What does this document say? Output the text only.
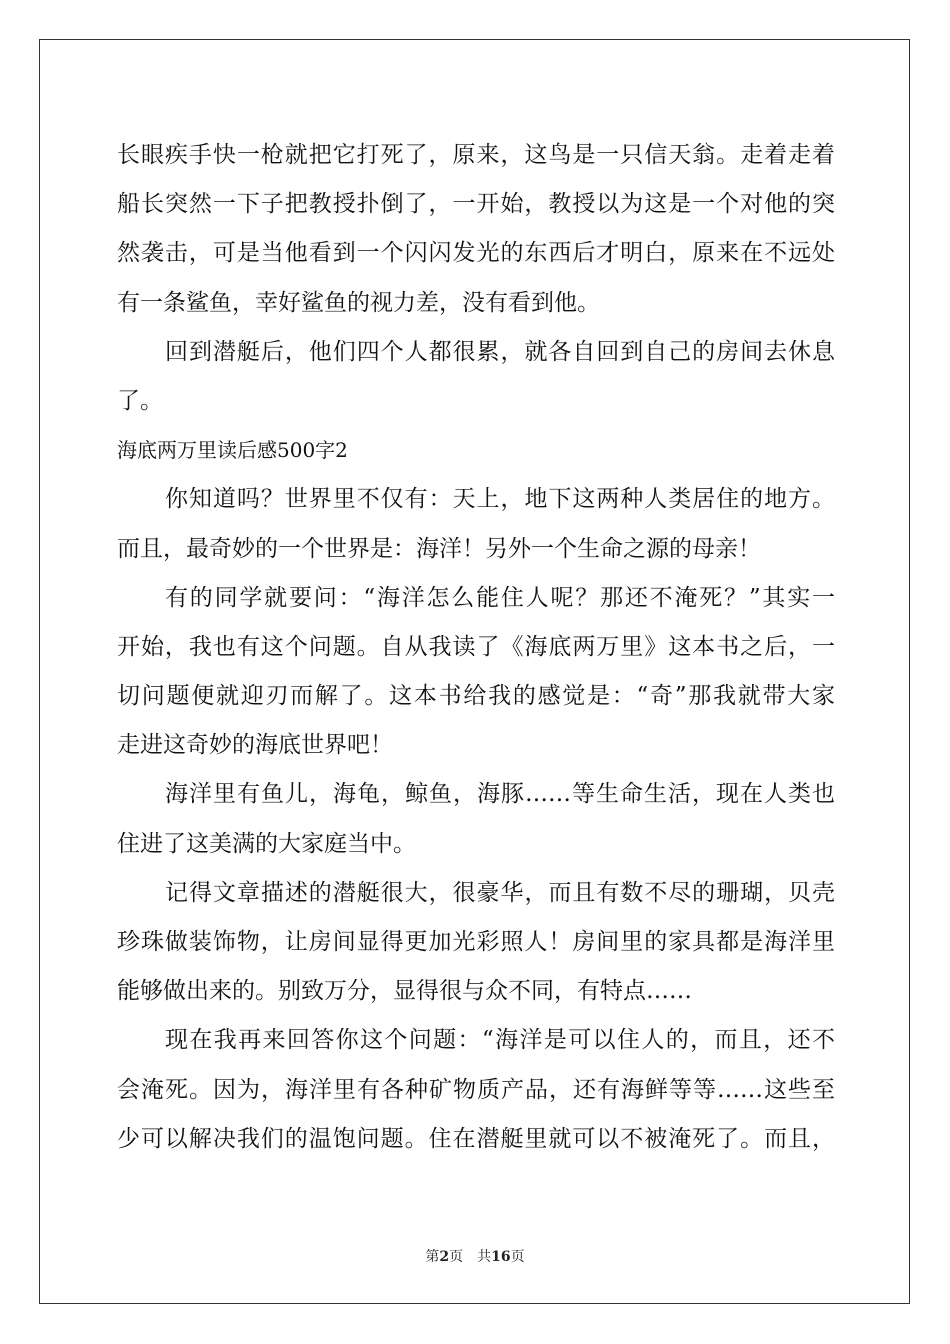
长眼疾手快一枪就把它打死了，原来，这鸟是一只信天翁。走着走着
船长突然一下子把教授扑倒了，一开始，教授以为这是一个对他的突
然袭击，可是当他看到一个闪闪发光的东西后才明白，原来在不远处
有一条鲨鱼，幸好鲨鱼的视力差，没有看到他。
回到潜艇后，他们四个人都很累，就各自回到自己的房间去休息
了。
海底两万里读后感500字2
你知道吗？世界里不仅有：天上，地下这两种人类居住的地方。
而且，最奇妙的一个世界是：海洋！另外一个生命之源的母亲！
有的同学就要问：“海洋怎么能住人呢？那还不淹死？”其实一
开始，我也有这个问题。自从我读了《海底两万里》这本书之后，一
切问题便就迎刃而解了。这本书给我的感觉是：“奇”那我就带大家
走进这奇妙的海底世界吧！
海洋里有鱼儿，海龟，鲸鱼，海豚……等生命生活，现在人类也
住进了这美满的大家庭当中。
记得文章描述的潜艇很大，很豪华，而且有数不尽的珊瑚，贝壳
珍珠做装饰物，让房间显得更加光彩照人！房间里的家具都是海洋里
能够做出来的。别致万分，显得很与众不同，有特点……
现在我再来回答你这个问题：“海洋是可以住人的，而且，还不
会淹死。因为，海洋里有各种矿物质产品，还有海鲜等等……这些至
少可以解决我们的温饱问题。住在潜艇里就可以不被淹死了。而且，
第2页 共16页
